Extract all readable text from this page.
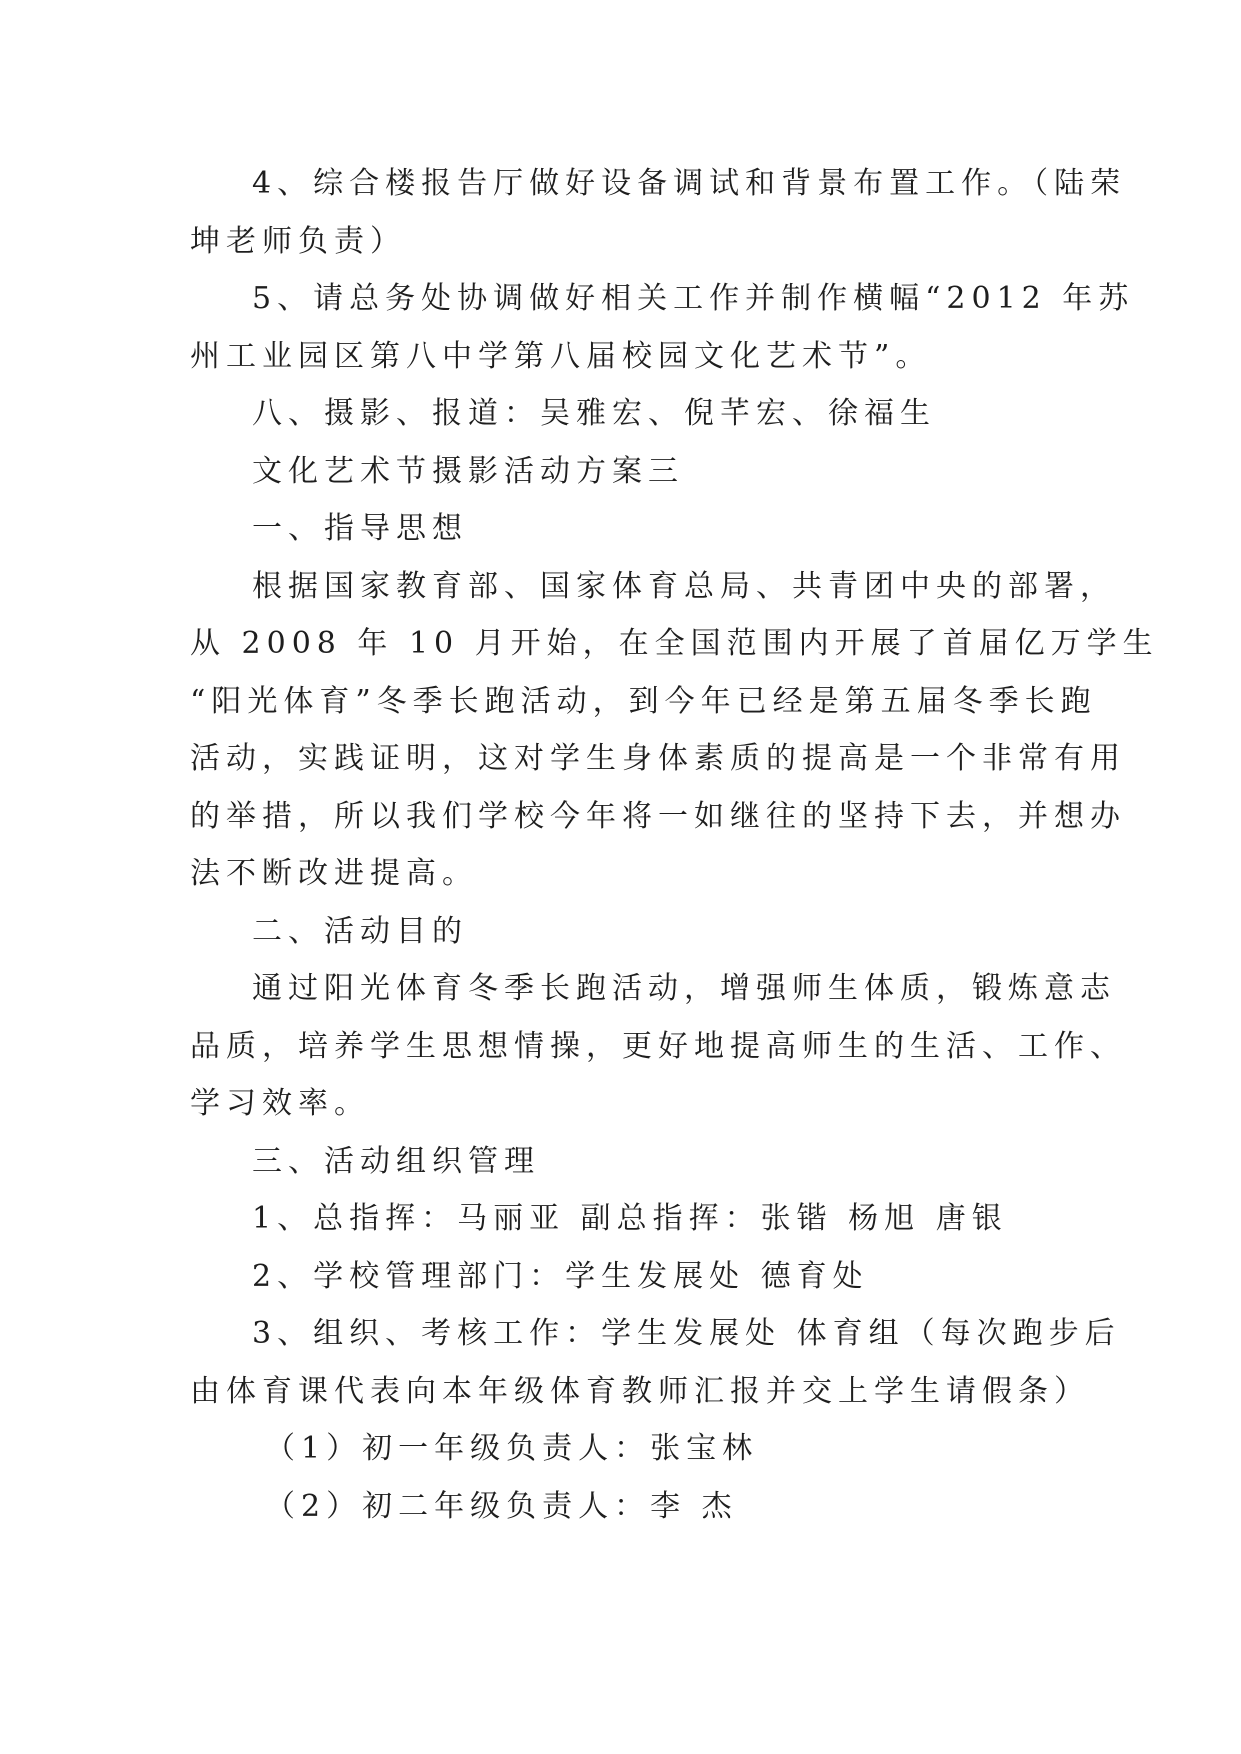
4、综合楼报告厅做好设备调试和背景布置工作。（陆荣
坤老师负责）
5、请总务处协调做好相关工作并制作横幅“2012 年苏
州工业园区第八中学第八届校园文化艺术节”。
八、摄影、报道：吴雅宏、倪芊宏、徐福生
文化艺术节摄影活动方案三
一、指导思想
根据国家教育部、国家体育总局、共青团中央的部署，
从 2008 年 10 月开始，在全国范围内开展了首届亿万学生
“阳光体育”冬季长跑活动，到今年已经是第五届冬季长跑
活动，实践证明，这对学生身体素质的提高是一个非常有用
的举措，所以我们学校今年将一如继往的坚持下去，并想办
法不断改进提高。
二、活动目的
通过阳光体育冬季长跑活动，增强师生体质，锻炼意志
品质，培养学生思想情操，更好地提高师生的生活、工作、
学习效率。
三、活动组织管理
1、总指挥：马丽亚 副总指挥：张锴 杨旭 唐银
2、学校管理部门：学生发展处 德育处
3、组织、考核工作：学生发展处 体育组（每次跑步后
由体育课代表向本年级体育教师汇报并交上学生请假条）
（1）初一年级负责人：张宝林
（2）初二年级负责人：李 杰
